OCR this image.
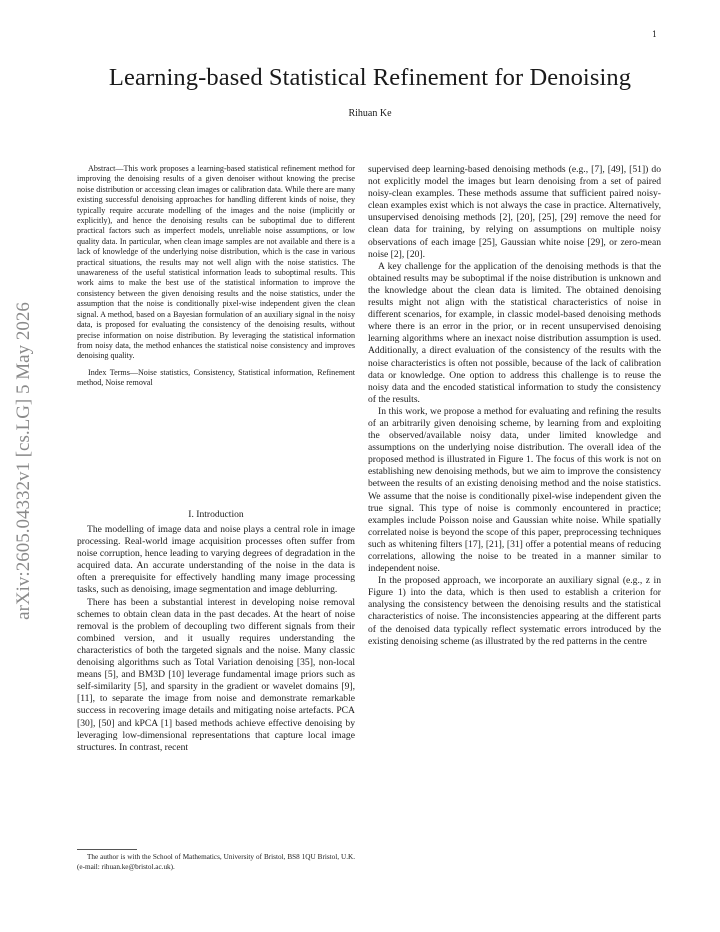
1
arXiv:2605.04332v1 [cs.LG] 5 May 2026
Learning-based Statistical Refinement for Denoising
Rihuan Ke

Abstract—This work proposes a learning-based statistical refinement method for improving the denoising results of a given denoiser without knowing the precise noise distribution or accessing clean images or calibration data. While there are many existing successful denoising approaches for handling different kinds of noise, they typically require accurate modelling of the images and the noise (implicitly or explicitly), and hence the denoising results can be suboptimal due to different practical factors such as imperfect models, unreliable noise assumptions, or low quality data. In particular, when clean image samples are not available and there is a lack of knowledge of the underlying noise distribution, which is the case in various practical situations, the results may not well align with the noise statistics. The unawareness of the useful statistical information leads to suboptimal results. This work aims to make the best use of the statistical information to improve the consistency between the given denoising results and the noise statistics, under the assumption that the noise is conditionally pixel-wise independent given the clean signal. A method, based on a Bayesian formulation of an auxiliary signal in the noisy data, is proposed for evaluating the consistency of the denoising results, without precise information on noise distribution. By leveraging the statistical information from noisy data, the method enhances the statistical noise consistency and improves denoising quality.

Index Terms—Noise statistics, Consistency, Statistical information, Refinement method, Noise removal

I. Introduction

The modelling of image data and noise plays a central role in image processing. Real-world image acquisition processes often suffer from noise corruption, hence leading to varying degrees of degradation in the acquired data. An accurate understanding of the noise in the data is often a prerequisite for effectively handling many image processing tasks, such as denoising, image segmentation and image deblurring.

There has been a substantial interest in developing noise removal schemes to obtain clean data in the past decades. At the heart of noise removal is the problem of decoupling two different signals from their combined version, and it usually requires understanding the characteristics of both the targeted signals and the noise. Many classic denoising algorithms such as Total Variation denoising [35], non-local means [5], and BM3D [10] leverage fundamental image priors such as self-similarity [5], and sparsity in the gradient or wavelet domains [9], [11], to separate the image from noise and demonstrate remarkable success in recovering image details and mitigating noise artefacts. PCA [30], [50] and kPCA [1] based methods achieve effective denoising by leveraging low-dimensional representations that capture local image structures. In contrast, recent

The author is with the School of Mathematics, University of Bristol, BS8 1QU Bristol, U.K. (e-mail: rihuan.ke@bristol.ac.uk).

supervised deep learning-based denoising methods (e.g., [7], [49], [51]) do not explicitly model the images but learn denoising from a set of paired noisy-clean examples. These methods assume that sufficient paired noisy-clean examples exist which is not always the case in practice. Alternatively, unsupervised denoising methods [2], [20], [25], [29] remove the need for clean data for training, by relying on assumptions on multiple noisy observations of each image [25], Gaussian white noise [29], or zero-mean noise [2], [20].

A key challenge for the application of the denoising methods is that the obtained results may be suboptimal if the noise distribution is unknown and the knowledge about the clean data is limited. The obtained denoising results might not align with the statistical characteristics of noise in different scenarios, for example, in classic model-based denoising methods where there is an error in the prior, or in recent unsupervised denoising learning algorithms where an inexact noise distribution assumption is used. Additionally, a direct evaluation of the consistency of the results with the noise characteristics is often not possible, because of the lack of calibration data or knowledge. One option to address this challenge is to reuse the noisy data and the encoded statistical information to study the consistency of the results.

In this work, we propose a method for evaluating and refining the results of an arbitrarily given denoising scheme, by learning from and exploiting the observed/available noisy data, under limited knowledge and assumptions on the underlying noise distribution. The overall idea of the proposed method is illustrated in Figure 1. The focus of this work is not on establishing new denoising methods, but we aim to improve the consistency between the results of an existing denoising method and the noise statistics. We assume that the noise is conditionally pixel-wise independent given the true signal. This type of noise is commonly encountered in practice; examples include Poisson noise and Gaussian white noise. While spatially correlated noise is beyond the scope of this paper, preprocessing techniques such as whitening filters [17], [21], [31] offer a potential means of reducing correlations, allowing the noise to be treated in a manner similar to independent noise.

In the proposed approach, we incorporate an auxiliary signal (e.g., z in Figure 1) into the data, which is then used to establish a criterion for analysing the consistency between the denoising results and the statistical characteristics of noise. The inconsistencies appearing at the different parts of the denoised data typically reflect systematic errors introduced by the existing denoising scheme (as illustrated by the red patterns in the centre
